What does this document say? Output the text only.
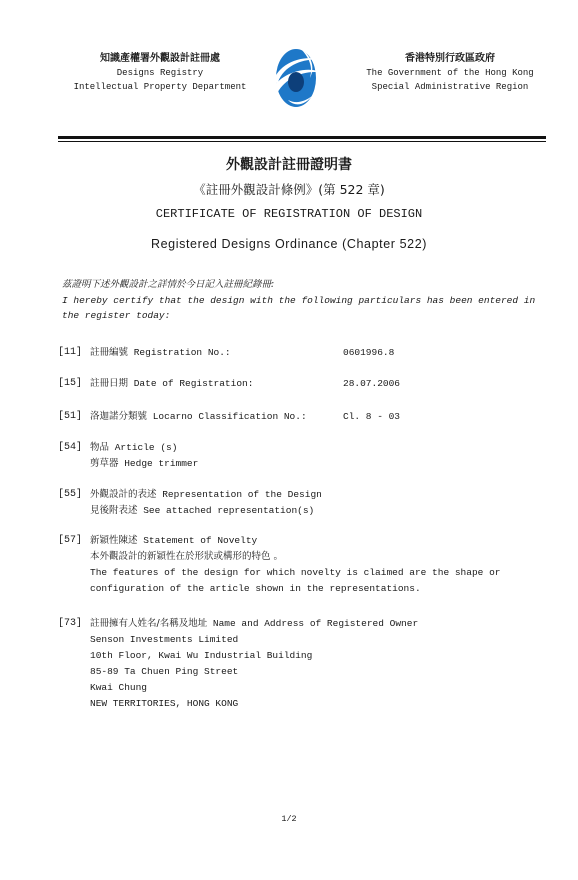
知識產權署外觀設計註冊處
Designs Registry
Intellectual Property Department
香港特別行政區政府
The Government of the Hong Kong
Special Administrative Region
外觀設計註冊證明書
《註冊外觀設計條例》(第 522 章)
CERTIFICATE OF REGISTRATION OF DESIGN
Registered Designs Ordinance (Chapter 522)
茲證明下述外觀設計之詳情於今日記入註冊紀錄冊:
I hereby certify that the design with the following particulars has been entered in
the register today:
[11] 註冊編號 Registration No.:	0601996.8
[15] 註冊日期 Date of Registration:	28.07.2006
[51] 洛迦諾分類號 Locarno Classification No.:	Cl. 8 - 03
[54] 物品 Article (s)
剪草器 Hedge trimmer
[55] 外觀設計的表述 Representation of the Design
見後附表述 See attached representation(s)
[57] 新穎性陳述 Statement of Novelty
本外觀設計的新穎性在於形狀或構形的特色 。
The features of the design for which novelty is claimed are the shape or
configuration of the article shown in the representations.
[73] 註冊擁有人姓名/名稱及地址 Name and Address of Registered Owner
Senson Investments Limited
10th Floor, Kwai Wu Industrial Building
85-89 Ta Chuen Ping Street
Kwai Chung
NEW TERRITORIES, HONG KONG
1/2
